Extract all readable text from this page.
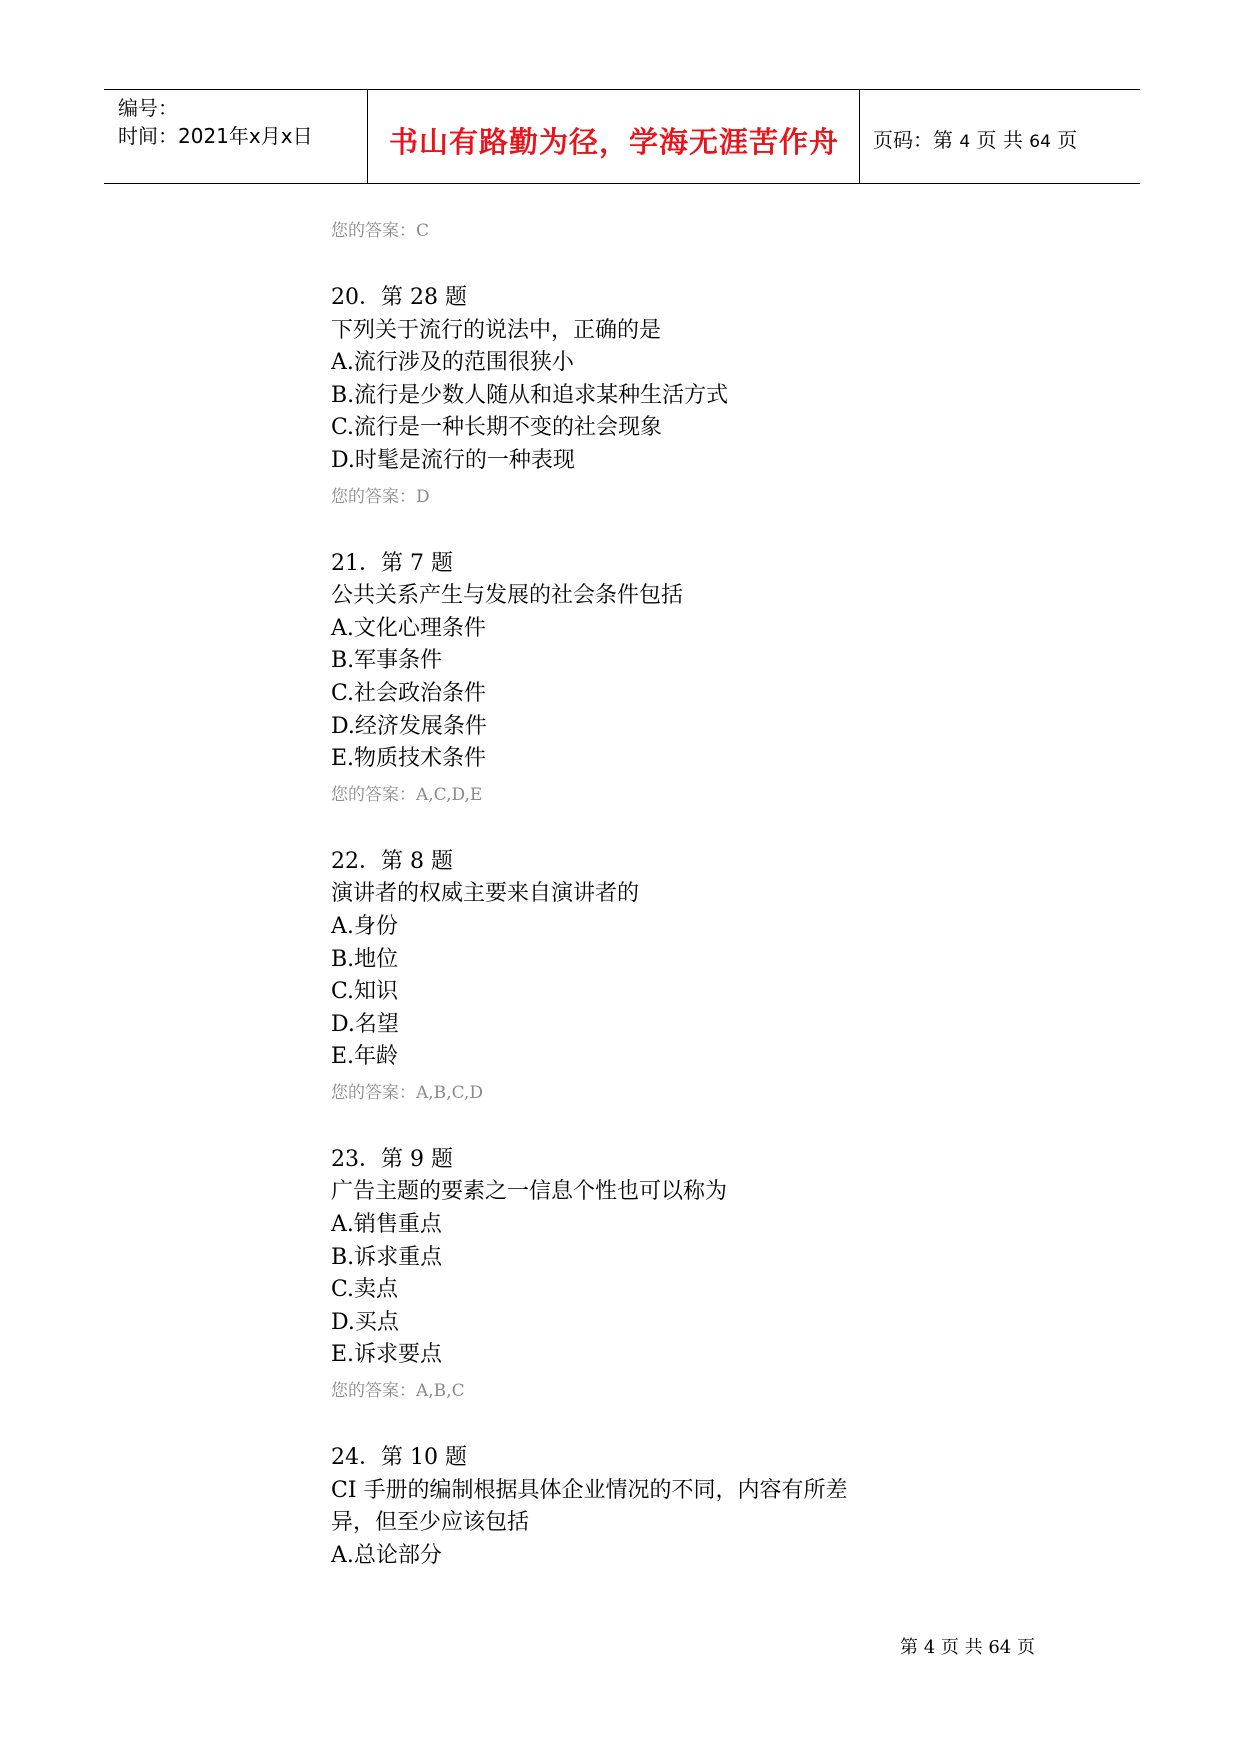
编号：
时间：2021年x月x日	书山有路勤为径，学海无涯苦作舟	页码：第 4 页 共 64 页
您的答案：C
20．第 28 题
下列关于流行的说法中，正确的是
A.流行涉及的范围很狭小
B.流行是少数人随从和追求某种生活方式
C.流行是一种长期不变的社会现象
D.时髦是流行的一种表现
您的答案：D
21．第 7 题
公共关系产生与发展的社会条件包括
A.文化心理条件
B.军事条件
C.社会政治条件
D.经济发展条件
E.物质技术条件
您的答案：A,C,D,E
22．第 8 题
演讲者的权威主要来自演讲者的
A.身份
B.地位
C.知识
D.名望
E.年龄
您的答案：A,B,C,D
23．第 9 题
广告主题的要素之一信息个性也可以称为
A.销售重点
B.诉求重点
C.卖点
D.买点
E.诉求要点
您的答案：A,B,C
24．第 10 题
CI 手册的编制根据具体企业情况的不同，内容有所差
异，但至少应该包括
A.总论部分
第 4 页 共 64 页
